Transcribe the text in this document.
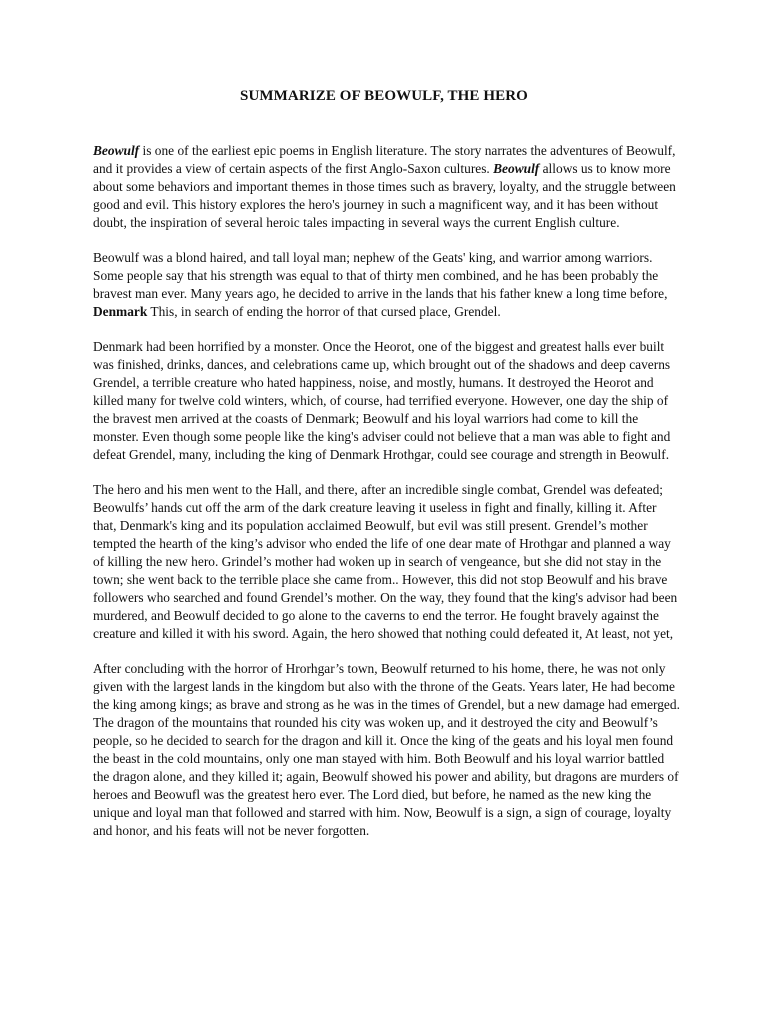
SUMMARIZE OF BEOWULF, THE HERO

Beowulf is one of the earliest epic poems in English literature. The story narrates the adventures of Beowulf, and it provides a view of certain aspects of the first Anglo-Saxon cultures. Beowulf allows us to know more about some behaviors and important themes in those times such as bravery, loyalty, and the struggle between good and evil. This history explores the hero's journey in such a magnificent way, and it has been without doubt, the inspiration of several heroic tales impacting in several ways the current English culture.

Beowulf was a blond haired, and tall loyal man; nephew of the Geats' king, and warrior among warriors. Some people say that his strength was equal to that of thirty men combined, and he has been probably the bravest man ever. Many years ago, he decided to arrive in the lands that his father knew a long time before, Denmark This, in search of ending the horror of that cursed place, Grendel.

Denmark had been horrified by a monster. Once the Heorot, one of the biggest and greatest halls ever built was finished, drinks, dances, and celebrations came up, which brought out of the shadows and deep caverns Grendel, a terrible creature who hated happiness, noise, and mostly, humans. It destroyed the Heorot and killed many for twelve cold winters, which, of course, had terrified everyone. However, one day the ship of the bravest men arrived at the coasts of Denmark; Beowulf and his loyal warriors had come to kill the monster. Even though some people like the king's adviser could not believe that a man was able to fight and defeat Grendel, many, including the king of Denmark Hrothgar, could see courage and strength in Beowulf.

The hero and his men went to the Hall, and there, after an incredible single combat, Grendel was defeated; Beowulfs’ hands cut off the arm of the dark creature leaving it useless in fight and finally, killing it. After that, Denmark's king and its population acclaimed Beowulf, but evil was still present. Grendel’s mother tempted the hearth of the king’s advisor who ended the life of one dear mate of Hrothgar and planned a way of killing the new hero. Grindel’s mother had woken up in search of vengeance, but she did not stay in the town; she went back to the terrible place she came from.. However, this did not stop Beowulf and his brave followers who searched and found Grendel’s mother. On the way, they found that the king's advisor had been murdered, and Beowulf decided to go alone to the caverns to end the terror. He fought bravely against the creature and killed it with his sword. Again, the hero showed that nothing could defeated it, At least, not yet,

After concluding with the horror of Hrorhgar’s town, Beowulf returned to his home, there, he was not only given with the largest lands in the kingdom but also with the throne of the Geats. Years later, He had become the king among kings; as brave and strong as he was in the times of Grendel, but a new damage had emerged. The dragon of the mountains that rounded his city was woken up, and it destroyed the city and Beowulf’s people, so he decided to search for the dragon and kill it. Once the king of the geats and his loyal men found the beast in the cold mountains, only one man stayed with him. Both Beowulf and his loyal warrior battled the dragon alone, and they killed it; again, Beowulf showed his power and ability, but dragons are murders of heroes and Beowufl was the greatest hero ever. The Lord died, but before, he named as the new king the unique and loyal man that followed and starred with him. Now, Beowulf is a sign, a sign of courage, loyalty and honor, and his feats will not be never forgotten.
